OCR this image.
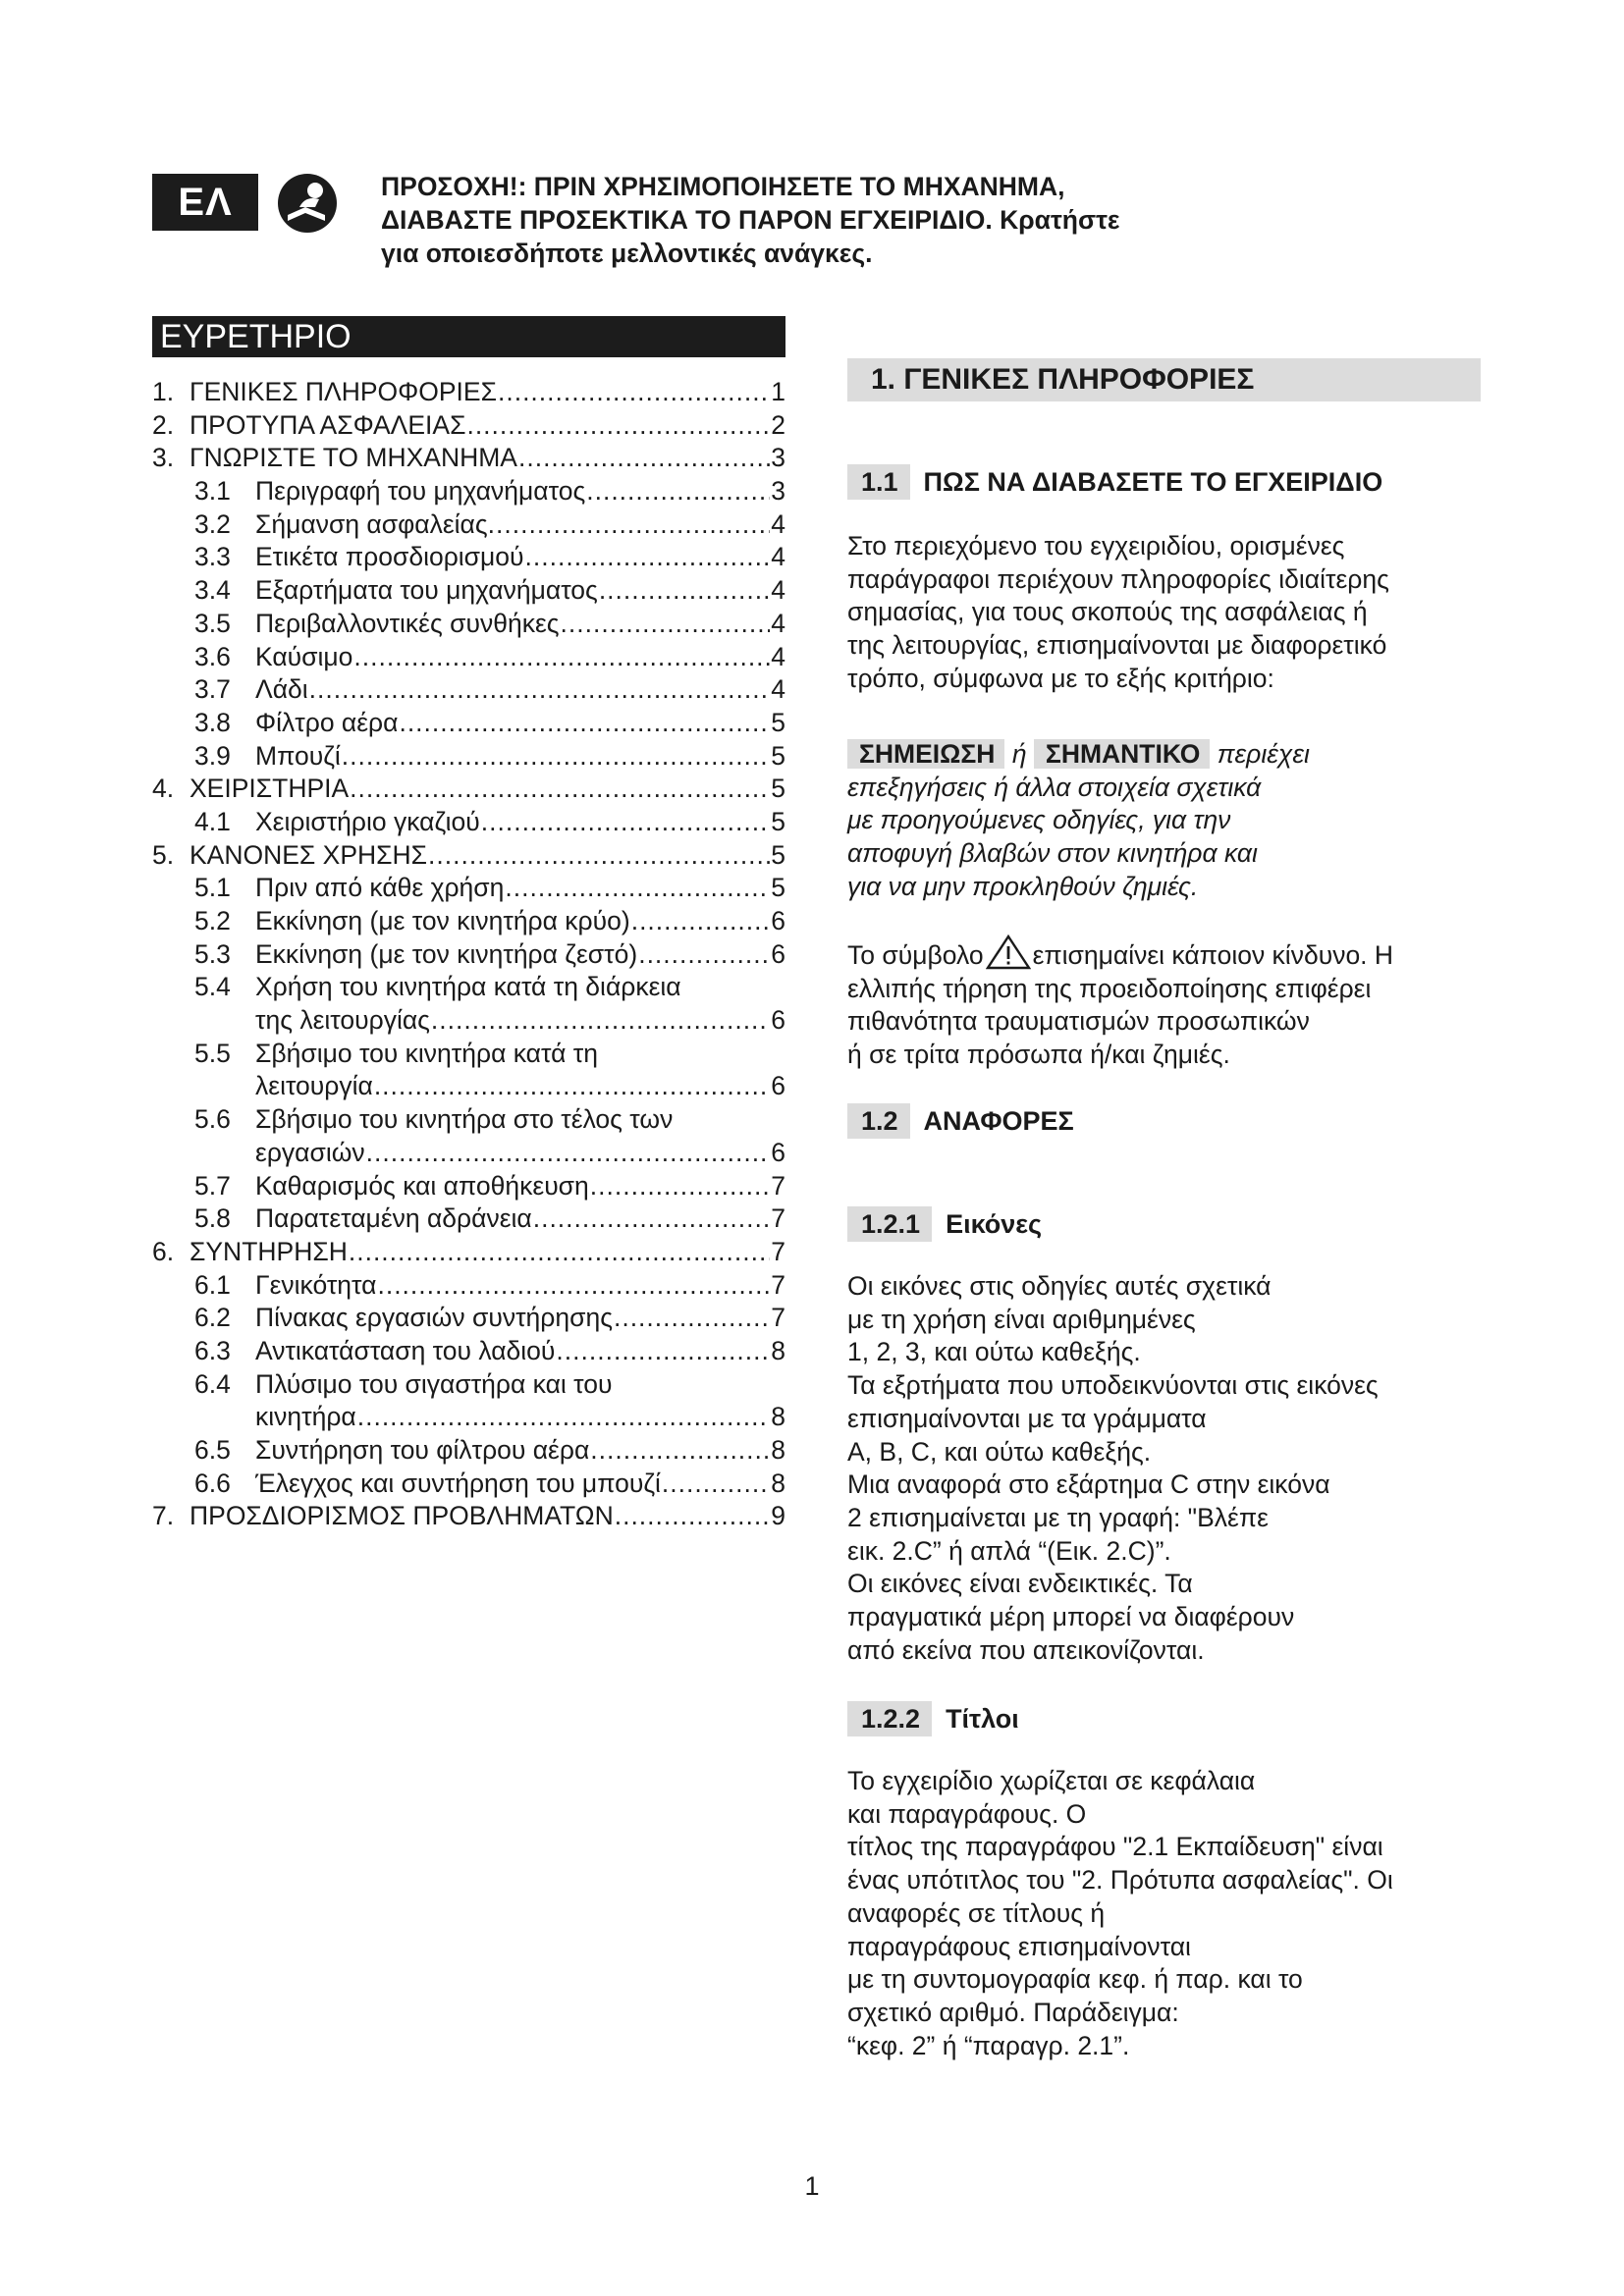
ΕΛ	ΠΡΟΣΟΧΗ!: ΠΡΙΝ ΧΡΗΣΙΜΟΠΟΙΗΣΕΤΕ ΤΟ ΜΗΧΑΝΗΜΑ,
ΔΙΑΒΑΣΤΕ ΠΡΟΣΕΚΤΙΚΑ ΤΟ ΠΑΡΟΝ ΕΓΧΕΙΡΙΔΙΟ. Κρατήστε
για οποιεσδήποτε μελλοντικές ανάγκες.
ΕΥΡΕΤΗΡΙΟ
1. ΓΕΝΙΚΕΣ ΠΛΗΡΟΦΟΡΙΕΣ .....	1
2. ΠΡΟΤΥΠΑ ΑΣΦΑΛΕΙΑΣ .....	2
3. ΓΝΩΡΙΣΤΕ ΤΟ ΜΗΧΑΝΗΜΑ .....	3
3.1 Περιγραφή του μηχανήματος .....	3
3.2 Σήμανση ασφαλείας. .....	4
3.3 Ετικέτα προσδιορισμού .....	4
3.4 Εξαρτήματα του μηχανήματος .....	4
3.5 Περιβαλλοντικές συνθήκες .....	4
3.6 Καύσιμο .....	4
3.7 Λάδι .....	4
3.8 Φίλτρο αέρα .....	5
3.9 Μπουζί .....	5
4. ΧΕΙΡΙΣΤΗΡΙΑ .....	5
4.1 Χειριστήριο γκαζιού .....	5
5. ΚΑΝΟΝΕΣ ΧΡΗΣΗΣ .....	5
5.1 Πριν από κάθε χρήση .....	5
5.2 Εκκίνηση (με τον κινητήρα κρύο) .....	6
5.3 Εκκίνηση (με τον κινητήρα ζεστό) .....	6
5.4 Χρήση του κινητήρα κατά τη διάρκεια
της λειτουργίας .....	6
5.5 Σβήσιμο του κινητήρα κατά τη
λειτουργία .....	6
5.6 Σβήσιμο του κινητήρα στο τέλος των
εργασιών .....	6
5.7 Καθαρισμός και αποθήκευση .....	7
5.8 Παρατεταμένη αδράνεια .....	7
6. ΣΥΝΤΗΡΗΣΗ .....	7
6.1 Γενικότητα .....	7
6.2 Πίνακας εργασιών συντήρησης .....	7
6.3 Αντικατάσταση του λαδιού .....	8
6.4 Πλύσιμο του σιγαστήρα και του
κινητήρα .....	8
6.5 Συντήρηση του φίλτρου αέρα .....	8
6.6 Έλεγχος και συντήρηση του μπουζί .....	8
7. ΠΡΟΣΔΙΟΡΙΣΜΟΣ ΠΡΟΒΛΗΜΑΤΩΝ .....	9
1. ΓΕΝΙΚΕΣ ΠΛΗΡΟΦΟΡΙΕΣ
1.1 ΠΩΣ ΝΑ ΔΙΑΒΑΣΕΤΕ ΤΟ ΕΓΧΕΙΡΙΔΙΟ
Στο περιεχόμενο του εγχειριδίου, ορισμένες
παράγραφοι περιέχουν πληροφορίες ιδιαίτερης
σημασίας, για τους σκοπούς της ασφάλειας ή
της λειτουργίας, επισημαίνονται με διαφορετικό
τρόπο, σύμφωνα με το εξής κριτήριο:
ΣΗΜΕΙΩΣΗ ή ΣΗΜΑΝΤΙΚΟ περιέχει
επεξηγήσεις ή άλλα στοιχεία σχετικά
με προηγούμενες οδηγίες, για την
αποφυγή βλαβών στον κινητήρα και
για να μην προκληθούν ζημιές.
Το σύμβολο επισημαίνει κάποιον κίνδυνο. Η
ελλιπής τήρηση της προειδοποίησης επιφέρει
πιθανότητα τραυματισμών προσωπικών
ή σε τρίτα πρόσωπα ή/και ζημιές.
1.2 ΑΝΑΦΟΡΕΣ
1.2.1 Εικόνες
Οι εικόνες στις οδηγίες αυτές σχετικά
με τη χρήση είναι αριθμημένες
1, 2, 3, και ούτω καθεξής.
Τα εξρτήματα που υποδεικνύονται στις εικόνες
επισημαίνονται με τα γράμματα
A, B, C, και ούτω καθεξής.
Μια αναφορά στο εξάρτημα C στην εικόνα
2 επισημαίνεται με τη γραφή: "Βλέπε
εικ. 2.C” ή απλά “(Εικ. 2.C)”.
Οι εικόνες είναι ενδεικτικές. Τα
πραγματικά μέρη μπορεί να διαφέρουν
από εκείνα που απεικονίζονται.
1.2.2 Τίτλοι
Το εγχειρίδιο χωρίζεται σε κεφάλαια
και παραγράφους. Ο
τίτλος της παραγράφου "2.1 Εκπαίδευση" είναι
ένας υπότιτλος του "2. Πρότυπα ασφαλείας". Οι
αναφορές σε τίτλους ή
παραγράφους επισημαίνονται
με τη συντομογραφία κεφ. ή παρ. και το
σχετικό αριθμό. Παράδειγμα:
“κεφ. 2” ή “παραγρ. 2.1”.
1
